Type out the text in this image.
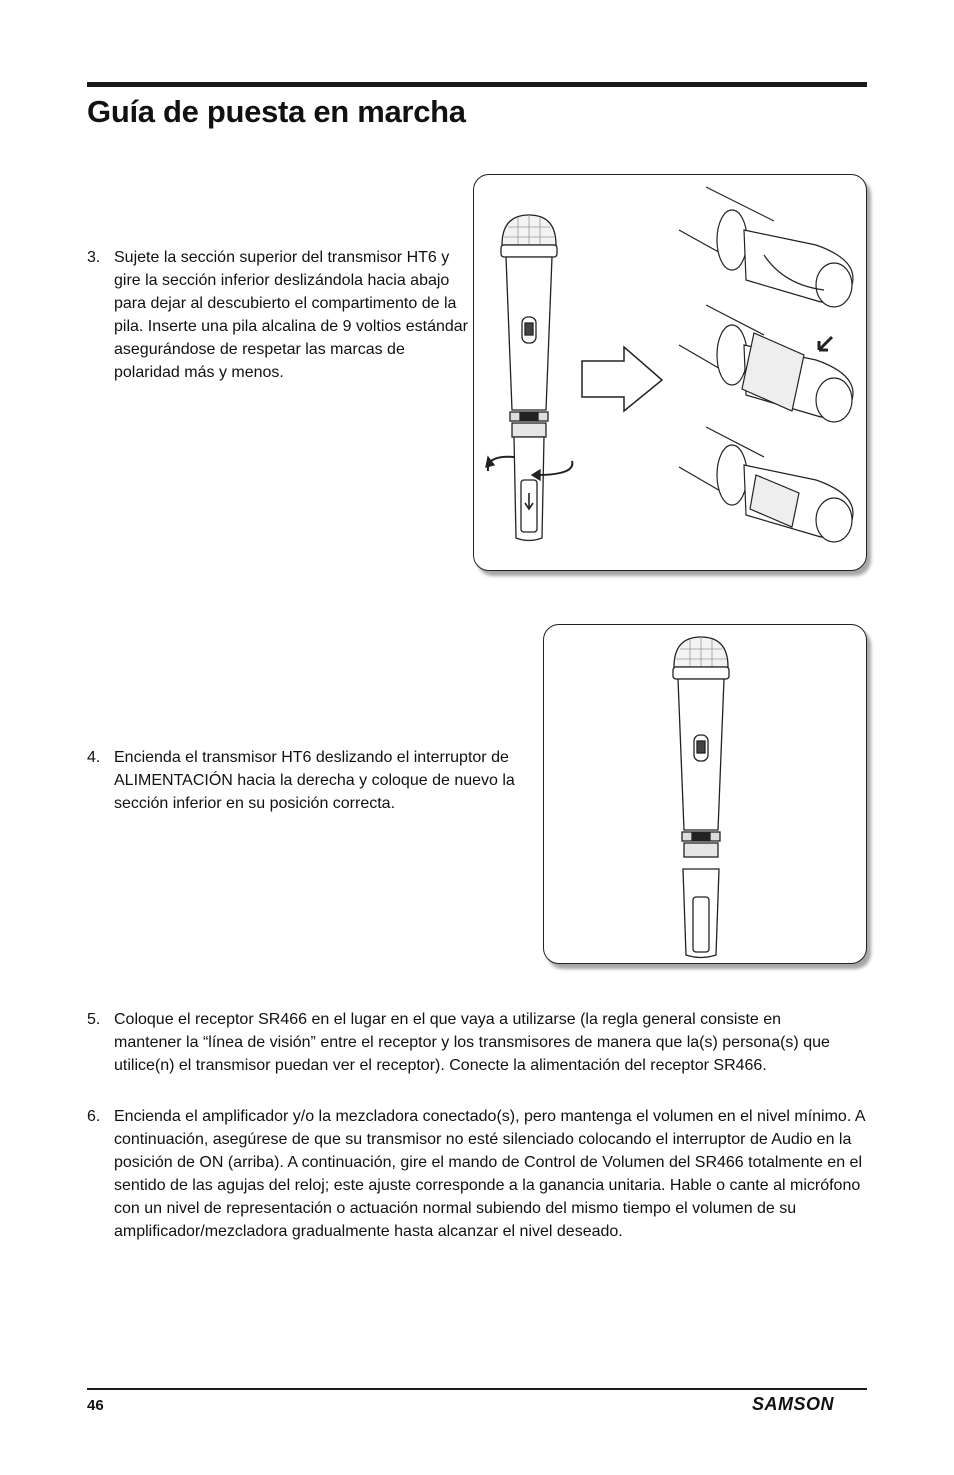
Guía de puesta en marcha
3. Sujete la sección superior del transmisor HT6 y gire la sección inferior deslizándola hacia abajo para dejar al descubierto el compartimento de la pila. Inserte una pila alcalina de 9 voltios estándar asegurándose de respetar las marcas de polaridad más y menos.
4. Encienda el transmisor HT6 deslizando el interruptor de ALIMENTACIÓN hacia la derecha y coloque de nuevo la sección inferior en su posición correcta.
5. Coloque el receptor SR466 en el lugar en el que vaya a utilizarse (la regla general consiste en mantener la “línea de visión” entre el receptor y los transmisores de manera que la(s) persona(s) que utilice(n) el transmisor puedan ver el receptor). Conecte la alimentación del receptor SR466.
6. Encienda el amplificador y/o la mezcladora conectado(s), pero mantenga el volumen en el nivel mínimo. A continuación, asegúrese de que su transmisor no esté silenciado colocando el interruptor de Audio en la posición de ON (arriba). A continuación, gire el mando de Control de Volumen del SR466 totalmente en el sentido de las agujas del reloj; este ajuste corresponde a la ganancia unitaria. Hable o cante al micrófono con un nivel de representación o actuación normal subiendo del mismo tiempo el volumen de su amplificador/mezcladora gradualmente hasta alcanzar el nivel deseado.
46	SAMSON
